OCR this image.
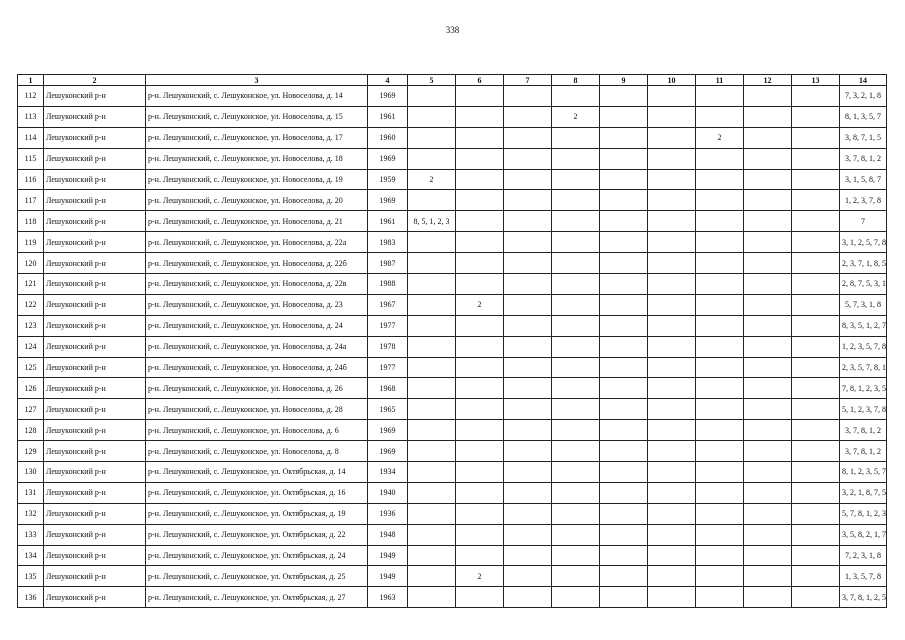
338
1	2	3	4	5	6	7	8	9	10	11	12	13	14
112	Лешуконский р-н	р-н. Лешуконский, с. Лешуконское, ул. Новоселова, д. 14	1969										7, 3, 2, 1, 8
113	Лешуконский р-н	р-н. Лешуконский, с. Лешуконское, ул. Новоселова, д. 15	1961				2						8, 1, 3, 5, 7
114	Лешуконский р-н	р-н. Лешуконский, с. Лешуконское, ул. Новоселова, д. 17	1960							2			3, 8, 7, 1, 5
115	Лешуконский р-н	р-н. Лешуконский, с. Лешуконское, ул. Новоселова, д. 18	1969										3, 7, 8, 1, 2
116	Лешуконский р-н	р-н. Лешуконский, с. Лешуконское, ул. Новоселова, д. 19	1959	2									3, 1, 5, 8, 7
117	Лешуконский р-н	р-н. Лешуконский, с. Лешуконское, ул. Новоселова, д. 20	1969										1, 2, 3, 7, 8
118	Лешуконский р-н	р-н. Лешуконский, с. Лешуконское, ул. Новоселова, д. 21	1961	8, 5, 1, 2, 3									7
119	Лешуконский р-н	р-н. Лешуконский, с. Лешуконское, ул. Новоселова, д. 22а	1983										3, 1, 2, 5, 7, 8
120	Лешуконский р-н	р-н. Лешуконский, с. Лешуконское, ул. Новоселова, д. 22б	1987										2, 3, 7, 1, 8, 5
121	Лешуконский р-н	р-н. Лешуконский, с. Лешуконское, ул. Новоселова, д. 22в	1988										2, 8, 7, 5, 3, 1
122	Лешуконский р-н	р-н. Лешуконский, с. Лешуконское, ул. Новоселова, д. 23	1967		2								5, 7, 3, 1, 8
123	Лешуконский р-н	р-н. Лешуконский, с. Лешуконское, ул. Новоселова, д. 24	1977										8, 3, 5, 1, 2, 7
124	Лешуконский р-н	р-н. Лешуконский, с. Лешуконское, ул. Новоселова, д. 24а	1978										1, 2, 3, 5, 7, 8
125	Лешуконский р-н	р-н. Лешуконский, с. Лешуконское, ул. Новоселова, д. 24б	1977										2, 3, 5, 7, 8, 1
126	Лешуконский р-н	р-н. Лешуконский, с. Лешуконское, ул. Новоселова, д. 26	1968										7, 8, 1, 2, 3, 5
127	Лешуконский р-н	р-н. Лешуконский, с. Лешуконское, ул. Новоселова, д. 28	1965										5, 1, 2, 3, 7, 8
128	Лешуконский р-н	р-н. Лешуконский, с. Лешуконское, ул. Новоселова, д. 6	1969										3, 7, 8, 1, 2
129	Лешуконский р-н	р-н. Лешуконский, с. Лешуконское, ул. Новоселова, д. 8	1969										3, 7, 8, 1, 2
130	Лешуконский р-н	р-н. Лешуконский, с. Лешуконское, ул. Октябрьская, д. 14	1934										8, 1, 2, 3, 5, 7
131	Лешуконский р-н	р-н. Лешуконский, с. Лешуконское, ул. Октябрьская, д. 16	1940										3, 2, 1, 8, 7, 5
132	Лешуконский р-н	р-н. Лешуконский, с. Лешуконское, ул. Октябрьская, д. 19	1936										5, 7, 8, 1, 2, 3
133	Лешуконский р-н	р-н. Лешуконский, с. Лешуконское, ул. Октябрьская, д. 22	1948										3, 5, 8, 2, 1, 7
134	Лешуконский р-н	р-н. Лешуконский, с. Лешуконское, ул. Октябрьская, д. 24	1949										7, 2, 3, 1, 8
135	Лешуконский р-н	р-н. Лешуконский, с. Лешуконское, ул. Октябрьская, д. 25	1949		2								1, 3, 5, 7, 8
136	Лешуконский р-н	р-н. Лешуконский, с. Лешуконское, ул. Октябрьская, д. 27	1963										3, 7, 8, 1, 2, 5
